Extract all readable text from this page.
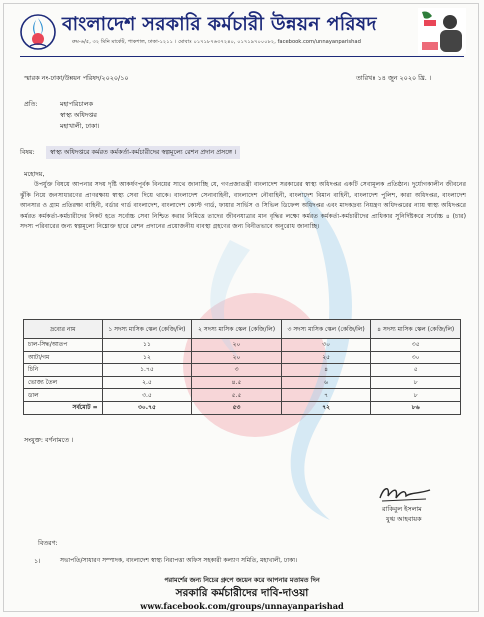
বাংলাদেশ সরকারি কর্মচারী উন্নয়ন পরিষদ
রুম-৬/৫, ৩২ মিনি মার্কেট, পাকশাল, ঢাকা-১২১১ । মোবাঃ ০১৭১৮৭৬৩৭২৪০, ০১৭১৯৭০০০৮২, facebook.com/unnayanparishad
স্মারক নং-ঢাকা/উন্নয়ন পরিষদ/২০২০/১০	তারিখঃ ১৪ জুন ২০২০ খ্রি. ।
প্রতি:	মহাপরিচালক
স্বাস্থ্য অধিদপ্তর
মহাখালী, ঢাকা।
বিষয়:	স্বাস্থ্য অধিদপ্তরে কর্মরত কর্মকর্তা-কর্মচারীদের স্বল্পমূল্যে রেশন প্রদান প্রসঙ্গে ।
মহোদয়,
উপর্যুক্ত বিষয়ে আপনার সদয় দৃষ্টি আকর্ষণপূর্বক বিনয়ের সাথে জানাচ্ছি যে, গণপ্রজাতন্ত্রী বাংলাদেশ সরকারের স্বাস্থ্য অধিদপ্তর একটি সেবামূলক প্রতিষ্ঠান। দুর্যোগকালীন জীবনের ঝুঁকি নিয়ে জনসাধারণের প্রাণরক্ষায় স্বাস্থ্য সেবা দিয়ে থাকে। বাংলাদেশ সেনাবাহিনী, বাংলাদেশ নৌবাহিনী, বাংলাদেশ বিমান বাহিনী, বাংলাদেশ পুলিশ, কারা অধিদপ্তর, বাংলাদেশ আনসার ও গ্রাম প্রতিরক্ষা বাহিনী, বর্ডার গার্ড বাংলাদেশ, বাংলাদেশ কোস্ট গার্ড, ফায়ার সার্ভিস ও সিভিল ডিফেন্স অধিদপ্তর এবং মাদকদ্রব্য নিয়ন্ত্রণ অধিদপ্তরের ন্যায় স্বাস্থ্য অধিদপ্তরে কর্মরত কর্মকর্তা-কর্মচারীদের নিকট হতে সর্বোচ্চ সেবা নিশ্চিত করার নিমিত্তে তাদের জীবনযাত্রার মান বৃদ্ধির লক্ষ্যে কর্মরত কর্মকর্তা-কর্মচারীদের প্রাধিকার সুনির্দিষ্টকরে সর্বোচ্চ ৪ (চার) সদস্য পরিবারের জন্য স্বল্পমূল্যে নিম্নোক্ত হারে রেশন প্রদানের প্রয়োজনীয় ব্যবস্থা গ্রহণের জন্য বিনীতভাবে অনুরোধ জানাচ্ছি।
দ্রব্যের নাম	১ সদস্য মাসিক স্কেল (কেজি/লি)	২ সদস্য মাসিক স্কেল (কেজি/লি)	৩ সদস্য মাসিক স্কেল (কেজি/লি)	৪ সদস্য মাসিক স্কেল (কেজি/লি)
চাল-সিদ্ধ/আতপ	১১	২০	৩০	৩৫
আটা/গম	১২	২০	২৫	৩০
চিনি	১.৭৫	৩	৪	৫
ভোজ্য তৈল	২.৫	৪.৫	৬	৮
ডাল	৩.৫	৫.৫	৭	৮
সর্বমোট =	৩০.৭৫	৫৩	৭২	৮৬
সংযুক্ত: বর্ণনামতে ।
রাকিবুল ইসলাম
যুগ্ম আহবায়ক
বিতরণ:
১।	সভাপতি/সাধারণ সম্পাদক, বাংলাদেশ স্বাস্থ্য নিরাপত্তা অফিস সহকারী কল্যাণ সমিতি, মহাখালী, ঢাকা।
পরামর্শের জন্য নিচের গ্রুপে জয়েন করে আপনার মতামত দিন
সরকারি কর্মচারীদের দাবি-দাওয়া
www.facebook.com/groups/unnayanparishad
